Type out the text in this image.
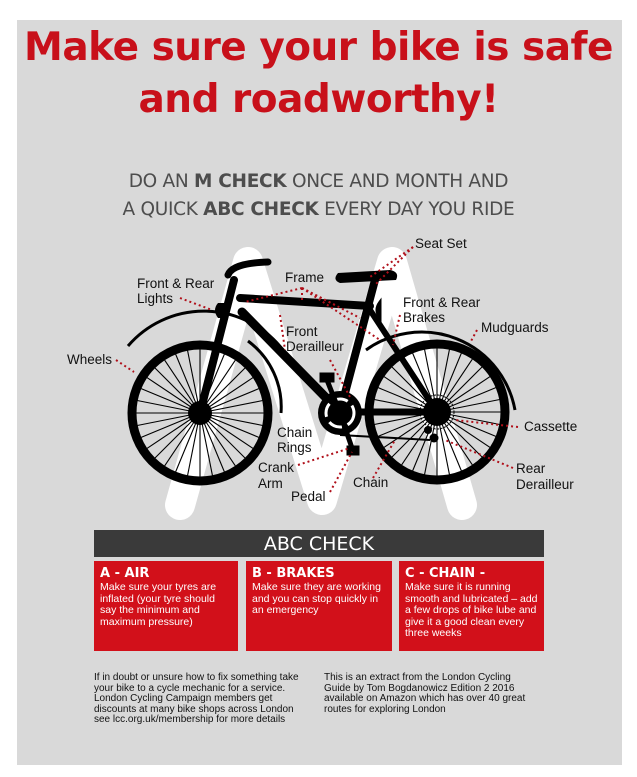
Make sure your bike is safe
and roadworthy!
DO AN M CHECK ONCE AND MONTH AND
A QUICK ABC CHECK EVERY DAY YOU RIDE
Seat Set
Frame
Front & Rear
Lights	Front & Rear
Brakes
Mudguards
Wheels
Front
Derailleur
Cassette
Chain
Rings
Crank
Arm
Pedal
Chain
Rear
Derailleur
ABC CHECK
A - AIR
Make sure your tyres are inflated (your tyre should say the minimum and maximum pressure)
B - BRAKES
Make sure they are working and you can stop quickly in an emergency
C - CHAIN -
Make sure it is running smooth and lubricated – add a few drops of bike lube and give it a good clean every three weeks
If in doubt or unsure how to fix something take your bike to a cycle mechanic for a service. London Cycling Campaign members get discounts at many bike shops across London see lcc.org.uk/membership for more details
This is an extract from the London Cycling Guide by Tom Bogdanowicz Edition 2 2016 available on Amazon which has over 40 great routes for exploring London
